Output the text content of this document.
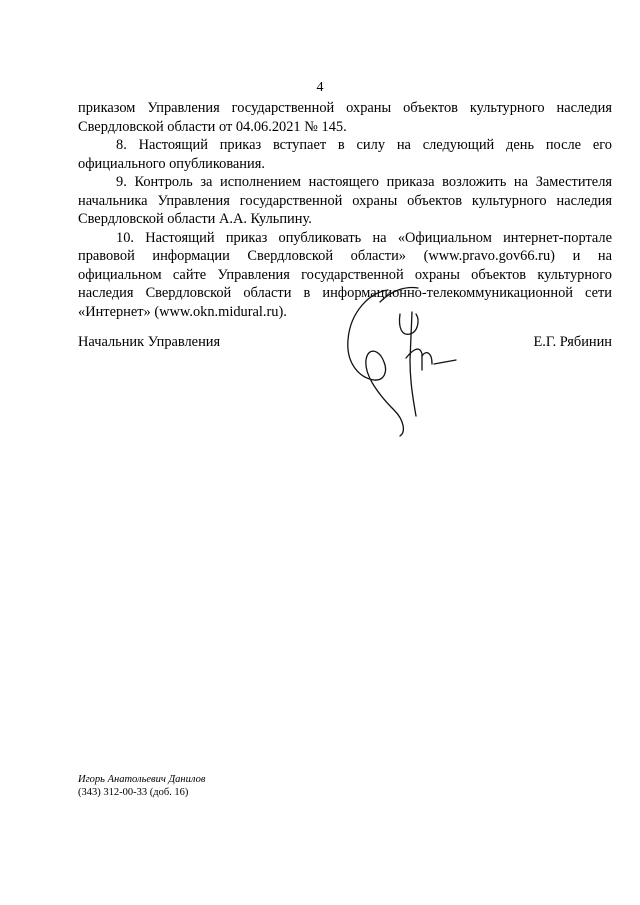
4

приказом Управления государственной охраны объектов культурного наследия Свердловской области от 04.06.2021 № 145.

8. Настоящий приказ вступает в силу на следующий день после его официального опубликования.

9. Контроль за исполнением настоящего приказа возложить на Заместителя начальника Управления государственной охраны объектов культурного наследия Свердловской области А.А. Кульпину.

10. Настоящий приказ опубликовать на «Официальном интернет-портале правовой информации Свердловской области» (www.pravo.gov66.ru) и на официальном сайте Управления государственной охраны объектов культурного наследия Свердловской области в информационно-телекоммуникационной сети «Интернет» (www.okn.midural.ru).

Начальник Управления	Е.Г. Рябинин
Игорь Анатольевич Данилов
(343) 312-00-33 (доб. 16)
